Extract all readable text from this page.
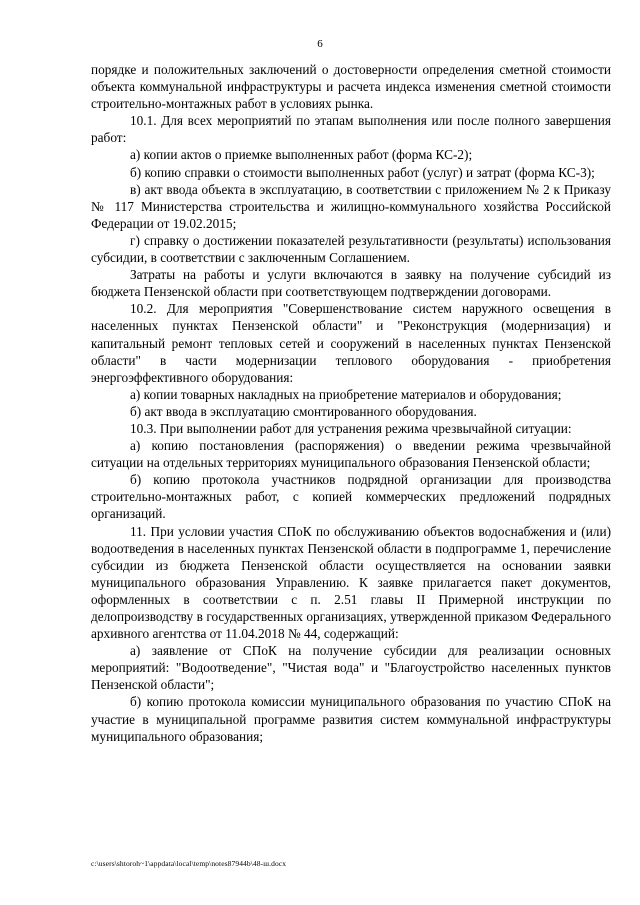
6

порядке и положительных заключений о достоверности определения сметной стоимости объекта коммунальной инфраструктуры и расчета индекса изменения сметной стоимости строительно-монтажных работ в условиях рынка.

10.1. Для всех мероприятий по этапам выполнения или после полного завершения работ:

а) копии актов о приемке выполненных работ (форма КС-2);

б) копию справки о стоимости выполненных работ (услуг) и затрат (форма КС-3);

в) акт ввода объекта в эксплуатацию, в соответствии с приложением № 2 к Приказу № 117 Министерства строительства и жилищно-коммунального хозяйства Российской Федерации от 19.02.2015;

г) справку о достижении показателей результативности (результаты) использования субсидии, в соответствии с заключенным Соглашением.

Затраты на работы и услуги включаются в заявку на получение субсидий из бюджета Пензенской области при соответствующем подтверждении договорами.

10.2. Для мероприятия "Совершенствование систем наружного освещения в населенных пунктах Пензенской области" и "Реконструкция (модернизация) и капитальный ремонт тепловых сетей и сооружений в населенных пунктах Пензенской области" в части модернизации теплового оборудования - приобретения энергоэффективного оборудования:

а) копии товарных накладных на приобретение материалов и оборудования;

б) акт ввода в эксплуатацию смонтированного оборудования.

10.3. При выполнении работ для устранения режима чрезвычайной ситуации:

а) копию постановления (распоряжения) о введении режима чрезвычайной ситуации на отдельных территориях муниципального образования Пензенской области;

б) копию протокола участников подрядной организации для производства строительно-монтажных работ, с копией коммерческих предложений подрядных организаций.

11. При условии участия СПоК по обслуживанию объектов водоснабжения и (или) водоотведения в населенных пунктах Пензенской области в подпрограмме 1, перечисление субсидии из бюджета Пензенской области осуществляется на основании заявки муниципального образования Управлению. К заявке прилагается пакет документов, оформленных в соответствии с п. 2.51 главы II Примерной инструкции по делопроизводству в государственных организациях, утвержденной приказом Федерального архивного агентства от 11.04.2018 № 44, содержащий:

а) заявление от СПоК на получение субсидии для реализации основных мероприятий: "Водоотведение", "Чистая вода" и "Благоустройство населенных пунктов Пензенской области";

б) копию протокола комиссии муниципального образования по участию СПоК на участие в муниципальной программе развития систем коммунальной инфраструктуры муниципального образования;

c:\users\shtoroh~1\appdata\local\temp\notes87944b\48-ш.docx
